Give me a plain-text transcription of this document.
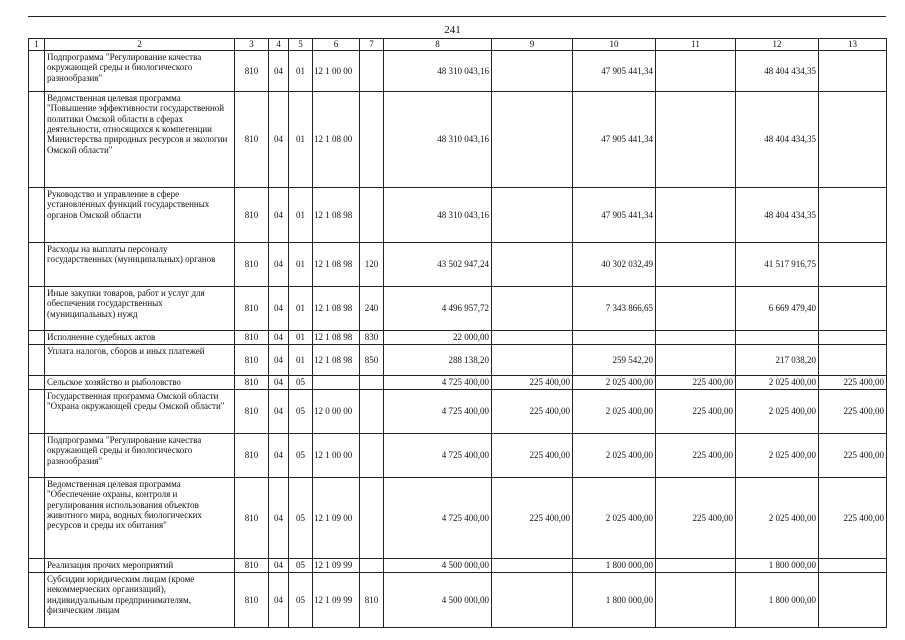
241
1	2	3	4	5	6	7	8	9	10	11	12	13
	Подпрограмма "Регулирование качества окружающей среды и биологического разнообразия"	810	04	01	12 1 00 00		48 310 043,16		47 905 441,34		48 404 434,35	
	Ведомственная целевая программа "Повышение эффективности государственной политики Омской области в сферах деятельности, относящихся к компетенции Министерства природных ресурсов и экологии Омской области"	810	04	01	12 1 08 00		48 310 043,16		47 905 441,34		48 404 434,35	
	Руководство и управление в сфере установленных функций государственных органов Омской области	810	04	01	12 1 08 98		48 310 043,16		47 905 441,34		48 404 434,35	
	Расходы на выплаты персоналу государственных (муниципальных) органов	810	04	01	12 1 08 98	120	43 502 947,24		40 302 032,49		41 517 916,75	
	Иные закупки товаров, работ и услуг для обеспечения государственных (муниципальных) нужд	810	04	01	12 1 08 98	240	4 496 957,72		7 343 866,65		6 669 479,40	
	Исполнение судебных актов	810	04	01	12 1 08 98	830	22 000,00					
	Уплата налогов, сборов и иных платежей	810	04	01	12 1 08 98	850	288 138,20		259 542,20		217 038,20	
	Сельское хозяйство и рыболовство	810	04	05			4 725 400,00	225 400,00	2 025 400,00	225 400,00	2 025 400,00	225 400,00
	Государственная программа Омской области "Охрана окружающей среды Омской области"	810	04	05	12 0 00 00		4 725 400,00	225 400,00	2 025 400,00	225 400,00	2 025 400,00	225 400,00
	Подпрограмма "Регулирование качества окружающей среды и биологического разнообразия"	810	04	05	12 1 00 00		4 725 400,00	225 400,00	2 025 400,00	225 400,00	2 025 400,00	225 400,00
	Ведомственная целевая программа "Обеспечение охраны, контроля и регулирования использования объектов животного мира, водных биологических ресурсов и среды их обитания"	810	04	05	12 1 09 00		4 725 400,00	225 400,00	2 025 400,00	225 400,00	2 025 400,00	225 400,00
	Реализация прочих мероприятий	810	04	05	12 1 09 99		4 500 000,00		1 800 000,00		1 800 000,00	
	Субсидии юридическим лицам (кроме некоммерческих организаций), индивидуальным предпринимателям, физическим лицам	810	04	05	12 1 09 99	810	4 500 000,00		1 800 000,00		1 800 000,00	
